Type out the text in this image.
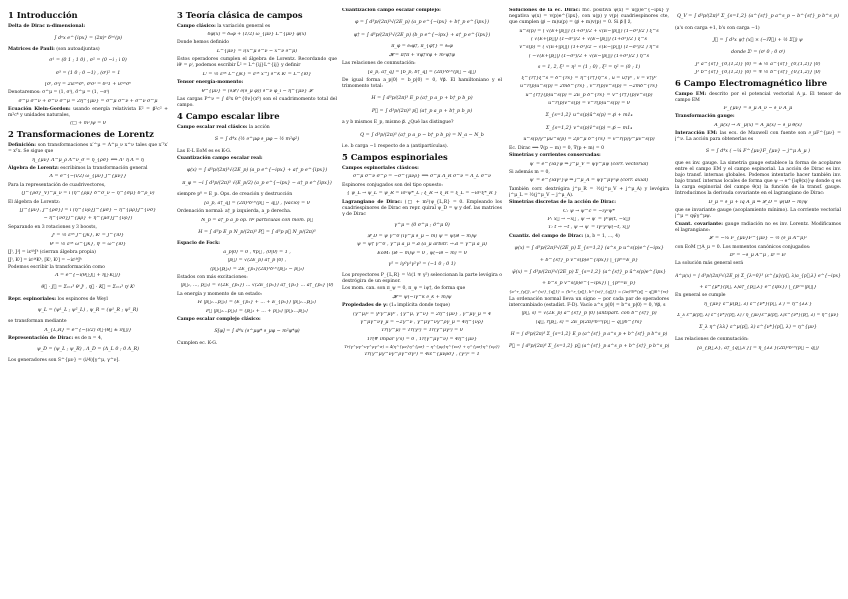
1 Introducción
Delta de Dirac n-dimensional:
∫ dⁿx e^{ipx} = (2π)ⁿ δ⁽ⁿ⁾(p)
Matrices de Pauli: (son autoadjuntas)
σ¹ = (0 1 ; 1 0) , σ² = (0 −i ; i 0)
σ³ = (1 0 ; 0 −1) , (σⁱ)² = 1
[σⁱ, σʲ] = 2iεⁱʲᵏσᵏ, σⁱσʲ = δⁱʲ1 + iεⁱʲᵏσᵏ
Denotaremos: σ^μ = (1, σⁱ), σ̄^μ = (1, −σⁱ)
σ^μ σ̄^ν + σ^ν σ̄^μ = 2η^{μν} = σ̄^μ σ^ν + σ̄^ν σ^μ
Ecuación Klein-Gordon: usando energía relativista E² = p⃗²c² + m²c⁴ y unidades naturales,
(□ + m²)ψ = 0
2 Transformaciones de Lorentz
Definición: son transformaciones x′^μ = Λ^μ_ν x^ν tales que x′ᵀx′ = xᵀx. Se sigue que
η_{μν} Λ^μ_ρ Λ^ν_σ = η_{ρσ} ⟺ Λᵀ η Λ = η
Álgebra de Lorentz: escribimos la transformación general
Λ = e^{−(i/2) ω_{μν} J^{μν}}
Para la representación de cuadrivectores,
(J^{ρσ}_V)^μ_ν = i (η^{ρμ} δ^σ_ν − η^{σμ} δ^ρ_ν)
El álgebra de Lorentz:
[J^{μν}, J^{ρσ}] = i (η^{νρ}J^{μσ} − η^{μρ}J^{νσ}
− η^{νσ}J^{μρ} + η^{μσ}J^{νρ})
Separando en 3 rotaciones y 3 boosts,
Jⁱ = ½ εⁱʲᵏ J^{jk}, Kⁱ = J^{i0}
θⁱ = ½ εⁱʲᵏ ω^{jk}, ηⁱ = ω^{i0}
[Jⁱ, Jʲ] = iεⁱʲᵏJᵏ (cierran álgebra propia)
[Jⁱ, Kʲ] = iεⁱʲᵏKᵏ, [Kⁱ, Kʲ] = −iεⁱʲᵏJᵏ
Podemos escribir la transformación como
Λ = e^{−i(θ⃗·J⃗ + η⃗·K⃗)}
θ⃗ · J⃗ = Σᵢ₌₁³ θⁱ Jⁱ , η⃗ · K⃗ = Σᵢ₌₁³ ηⁱ Kⁱ
Repr. espinoriales: los espinores de Weyl
ψ_L = (ψ¹_L ; ψ²_L) , ψ_R = (ψ¹_R ; ψ²_R)
se transforman mediante
Λ_{L,R} = e^{−(i/2) σ⃗·(θ⃗ ± iη⃗)}
Representación de Dirac: es de n = 4,
ψ_D = (ψ_L ; ψ_R) , Λ_D = (Λ_L 0 ; 0 Λ_R)
Los generadores son S^{μν} = (i/4)[γ^μ, γ^ν].
3 Teoría clásica de campos
Campo clásico: la variación general es
δφ(x) = δ₀φ + (1/2) ω_{μν} L^{μν} φ(x)
Donde hemos definido
L^{μν} = i(x^μ ∂^ν − x^ν ∂^μ)
Estos operadores cumplen el álgebra de Lorentz. Recordando que iθⁱ = ρⁱ, podemos escribir L⃗² = L^{ij}L^{ij} y definir
Lⁱ = ½ εⁱʲᵏ L^{jk} = εⁱʲᵏ x^j ∂^k Kⁱ = L^{i0}
Tensor energía-momento:
θ^{μν} = (∂𝓛 / ∂(∂_μ φ)) ∂^ν φ_i − η^{μν} 𝓛
Las cargas P^ν = ∫ d³x θ^{0ν}(x⁰) son el cuadrimomento total del campo.
4 Campo escalar libre
Campo escalar real clásico: la acción
S = ∫ d⁴x (½ ∂^μφ ∂_μφ − ½ m²φ²)
Las E-L EoM es es K-G.
Cuantización campo escalar real:
φ(x) = ∫ d³p/(2π)³√(2E_p) (a_p e^{−ipx} + a†_p e^{ipx})
π_φ = −i ∫ d³p/(2π)³ √(E_p/2) (a_p e^{−ipx} − a†_p e^{ipx})
siempre p⁰ = E_p. Ops. de creación y destrucción
[a_p, a†_q] = (2π)³δ⁽³⁾(p⃗ − q⃗) , |vacío⟩ = 0
Ordenación normal: a†_p izquierda, a_p derecha.
N_p = a†_p a_p op. nº partículas con mom. p⃗
H = ∫ d³p E_p N_p/(2π)³ P⃗ = ∫ d³p p⃗ N_p/(2π)³
Espacio de Fock:
a_p|0⟩ = 0 , ∀p⃗ , ⟨0|0⟩ = 1 ,
|p⃗⟩ = √(2E_p) a†_p |0⟩ ,
⟨p⃗₁|p⃗₂⟩ = 2E_{p₁}(2π)³δ⁽³⁾(p⃗₁ − p⃗₂)
Estados con más excitaciones:
|p⃗₁, ..., p⃗ₙ⟩ = √(2E_{p₁}) ... √(2E_{pₙ}) a†_{p₁} ... a†_{pₙ} |0⟩
La energía y momento de un estado:
H |p⃗₁...p⃗ₙ⟩ = (E_{p₁} + ... + E_{pₙ}) |p⃗₁...p⃗ₙ⟩
P⃗ |p⃗₁...p⃗ₙ⟩ = (p⃗₁ + ... + p⃗ₙ) |p⃗₁...p⃗ₙ⟩
Campo escalar complejo clásico:
S[φ] = ∫ d⁴x (∂^μφ* ∂_μφ − m²φ*φ)
Cumplen ec. K-G.
Cuantización campo escalar complejo:
φ = ∫ d³p/(2π)³√(2E_p) (a_p e^{−ipx} + b†_p e^{ipx})
φ† = ∫ d³p/(2π)³√(2E_p) (b_p e^{−ipx} + a†_p e^{ipx})
π_φ = ∂₀φ†, π_{φ†} = ∂₀φ
𝓗 = π†π + ∇φ†∇φ + m²φ†φ
Las relaciones de conmutación:
[a_p, a†_q] = [b_p, b†_q] = (2π)³δ⁽³⁾(p⃗ − q⃗)
De igual forma a_p|0⟩ = b_p|0⟩ = 0, ∀p⃗. El hamiltoniano y el trimomento total:
H = ∫ d³p/(2π)³ E_p (a†_p a_p + b†_p b_p)
P⃗ = ∫ d³p/(2π)³ p⃗ (a†_p a_p + b†_p b_p)
a y b mismos E_p, mismo p⃗. ¿Qué las distingue?
Q = ∫ d³p/(2π)³ (a†_p a_p − b†_p b_p) = N_a − N_b
i.e. b carga −1 respecto de a (antipartículas).
5 Campos espinoriales
Campos espinoriales clásicos:
σ^μ σ̄^ν σ^ρ = −σ^{μνρ} ⟹ σ^μ Λ_R σ^ν = Λ_L σ̄^ν
Espinores conjugados son del tipo opuesto:
{ ψ_L → ψ̄_L = ψ_R = iσ²ψ*_L ; ξ_R → ξ̄_R = ξ_L = −iσ²ξ*_R }
Lagrangiano de Dirac: (□ + m²)ψ_{L,R} = 0. Empleando los cuadriespinores de Dirac en repr. quiral ψ_D = ψ y def. las matrices γ de Dirac
γ^μ = (0 σ^μ ; σ̄^μ 0)
𝓛_D = ψ̄ γ^0 (iγ^μ ∂_μ − m) ψ = ψ̄(i∂̸ − m)ψ
ψ̄ = ψ† γ^0 , γ^μ a_μ = a̸ (a_μ arbitr. → a̸ = γ^μ a_μ)
EoM: (i∂̸ − m)ψ = 0 , ψ̄(−i∂̸ − m) = 0
γ⁵ = iγ⁰γ¹γ²γ³ = (−1 0 ; 0 1)
Los proyectores P_{L,R} = ½(1 ∓ γ⁵) seleccionan la parte levógira o dextrógira de un espinor.
Los mom. can. son π_ψ = 0, π_ψ = iψ†, de forma que
𝓗 = ψ̄(−iγ^k ∂_k + m)ψ
Propiedades de γ: (1₄ implícita donde toque)
(γ^μ)² = γ⁰γ^μγ⁰ , {γ^μ, γ^ν} = 2η^{μν} , γ^μγ_μ = 4
γ^μγ^νγ_μ = −2γ^ν , γ^μγ^νγ^ργ_μ = 4η^{νρ}
Tr(γ^μ) = Tr(γ⁵) = Tr(γ^μγ⁵) = 0
Tr(# impar γ's) = 0 , Tr(γ^μγ^ν) = 4η^{μν}
Tr(γ^μγ^νγ^ργ^σ) = 4(η^{μν}η^{ρσ} − η^{μρ}η^{νσ} + η^{μσ}η^{νρ})
Tr(γ^μγ^νγ^ργ^σγ⁵) = 4iε^{μνρσ} , (γ⁵)² = 1
Soluciones de la ec. Dirac: fnc. positiva ψ(x) = u(p)e^{−ipx} y negativa ψ(x) = v(p)e^{ipx}, con u(p) y v(p) cuadriespinores cte, que cumplen (p̸ − m)u(p) = (p̸ + m)v(p) = 0. Si p⃗ ∥ ẑ,
u^s(p) = ( √(E+|p⃗|) (1+σ³)/2 + √(E−|p⃗|) (1−σ³)/2 ) ξ^s
( √(E+|p⃗|) (1−σ³)/2 + √(E−|p⃗|) (1+σ³)/2 ) ξ^s
v^s(p) = ( √(E+|p⃗|) (1+σ³)/2 − √(E−|p⃗|) (1−σ³)/2 ) η^s
( −√(E+|p⃗|) (1−σ³)/2 + √(E−|p⃗|) (1+σ³)/2 ) η^s
s = 1, 2, ξ¹ = η¹ = (1 ; 0) , ξ² = η² = (0 ; 1)
ξ^{r†}ξ^s = δ^{rs} = η^{r†}η^s , ū = u†γ⁰ , v̄ = v†γ⁰
ū^r(p)u^s(p) = 2mδ^{rs} , v̄^r(p)v^s(p) = −2mδ^{rs}
u^{r†}(p)u^s(p) = 2E_p δ^{rs} = v^{r†}(p)v^s(p)
ū^r(p)v^s(p) = v̄^r(p)u^s(p) = 0
Σ_{s=1,2} u^s(p)ū^s(p) = p̸ + m1₄
Σ_{s=1,2} v^s(p)v̄^s(p) = p̸ − m1₄
ū^s(p)γ^μu^s(p) = 2p^μ δ^{rs} = v̄^r(p)γ^μv^s(p)
Ec. Dirac ⟹ ∇(p − m) = 0, ∇(p + m) = 0
Simetrías y corrientes conservadas:
ψ′ = e^{iα}ψ ⇒ j^μ_V = ψ̄γ^μψ (corr. vectorial)
Si además m = 0,
ψ′ = e^{iαγ⁵}ψ ⇒ j^μ_A = ψ̄γ^μγ⁵ψ (corr. axial)
También corr. dextrógira j^μ_R = ½(j^μ_V + j^μ_A) y levógira j^μ_L = ½(j^μ_V − j^μ_A).
Simetrías discretas de la acción de Dirac:
C: ψ → ψ^c = −iγ²ψ*
P: x⃗ → −x⃗ , ψ → ψ′ = γ⁰ψ(t, −x⃗)
T: t → −t , ψ → ψ′ = iγ¹γ³ψ(−t, x⃗)
Cuantiz. del campo de Dirac: (a, b = 1, ..., 4)
ψ(x) = ∫ d³p/(2π)³√(2E_p) Σ_{s=1,2} (a^s_p u^s(p)e^{−ipx}
+ b^{s†}_p v^s(p)e^{ipx}) |_{p⁰=E_p}
ψ̄(x) = ∫ d³p/(2π)³√(2E_p) Σ_{s=1,2} (a^{s†}_p ū^s(p)e^{ipx}
+ b^s_p v̄^s(p)e^{−ipx}) |_{p⁰=E_p}
{a^r_{p⃗}, a^{s†}_{q⃗}} = {b^r_{p⃗}, b^{s†}_{q⃗}} = (2π)³δ⁽³⁾(p⃗ − q⃗)δ^{rs}
La ordenación normal lleva un signo − por cada par de operadores intercambiado (estadíst. F-D). Vacío a^s_p|0⟩ = b^s_p|0⟩ = 0, ∀p⃗, s
|p⃗, s⟩ = √(2E_p) a^{s†}_p |0⟩ (antipart. con b^{s†}_p)
⟨q⃗, r|p⃗, s⟩ = 2E_p(2π)³δ⁽³⁾(p⃗ − q⃗)δ^{rs}
H = ∫ d³p/(2π)³ Σ_{s=1,2} E_p (a^{s†}_p a^s_p + b^{s†}_p b^s_p)
P⃗ = ∫ d³p/(2π)³ Σ_{s=1,2} p⃗ (a^{s†}_p a^s_p + b^{s†}_p b^s_p)
Q_V = ∫ d³p/(2π)³ Σ_{s=1,2} (a^{s†}_p a^s_p − b^{s†}_p b^s_p)
(a's con carga +1, b's con carga −1)
J⃗ = ∫ d³x ψ† (x⃗ × (−i∇⃗) + ½ Σ⃗) ψ
donde Σⁱ = (σⁱ 0 ; 0 σⁱ)
J³ a^{s†}_{0,(1,2)} |0⟩ = ± ½ a^{s†}_{0,(1,2)} |0⟩
J³ b^{s†}_{0,(1,2)} |0⟩ = ∓ ½ b^{s†}_{0,(1,2)} |0⟩
6 Campo Electromagnético libre
Campo EM: descrito por el potencial vectorial A_μ. El tensor de campo EM
F_{μν} = ∂_μ A_ν − ∂_ν A_μ
Transformación gauge:
A_μ(x) → A′_μ(x) = A_μ(x) − ∂_μ θ(x)
Interacción EM: las ecs. de Maxwell con fuente son ∂_μF^{μν} = j^ν. La acción para obtenerlas es
S = ∫ d⁴x ( −¼ F^{μν}F_{μν} − j^μ A_μ )
que es inv. gauge. La simetría gauge establece la forma de acoplarse entre el campo EM y el campo espinorial. La acción de Dirac es inv. bajo transf. internas globales. Podemos intentarlo hacer también inv. bajo transf. internas locales de forma que ψ → e^{iqθ(x)}ψ donde q es la carga espinorial del campo θ(x) la función de la transf. gauge. Introducimos la derivada covariante en el lagrangiano de Dirac:
D_μ = ∂_μ + iq A_μ ⇒ 𝓛_D = ψ̄(iD̸ − m)ψ
que se invariante gauge (acoplamiento mínimo). La corriente vectorial j^μ = qψ̄γ^μψ.
Cuant. covariante: gauge radiación no es inv. Lorentz. Modificamos el lagrangiano:
𝓛′ = −¼ F_{μν}F^{μν} − ½ (∂_μ A^μ)²
con EoM □A_μ = 0. Los momentos canónicos conjugados:
π⁰ = −∂_μ A^μ , πⁱ = Ėⁱ
La solución más general será
A^μ(x) = ∫ d³p/(2π)³√(2E_p) Σ_{λ=0}³ (ε^{μ}(p⃗, λ)a_{p⃗,λ} e^{−ipx}
+ ε^{μ*}(p⃗, λ)a†_{p⃗,λ} e^{ipx}) |_{p⁰=|p⃗|}
En general se cumple
η_{μν} ε^μ(p⃗, λ) ε^{ν*}(p⃗, λ′) = η^{λλ′}
Σ_λ ε^μ(p⃗, λ) ε^{ν*}(p⃗, λ) / η_{μν}ε^μ(p⃗, λ)ε^{ν*}(p⃗, λ) = η^{μν}
Σ_λ η^{λλ} ε^μ(p⃗, λ) ε^{ν*}(p⃗, λ) = η^{μν}
Las relaciones de conmutación:
[a_{p⃗,λ}, a†_{q⃗,λ′}] = η_{λλ′}(2π)³δ⁽³⁾(p⃗ − q⃗)
